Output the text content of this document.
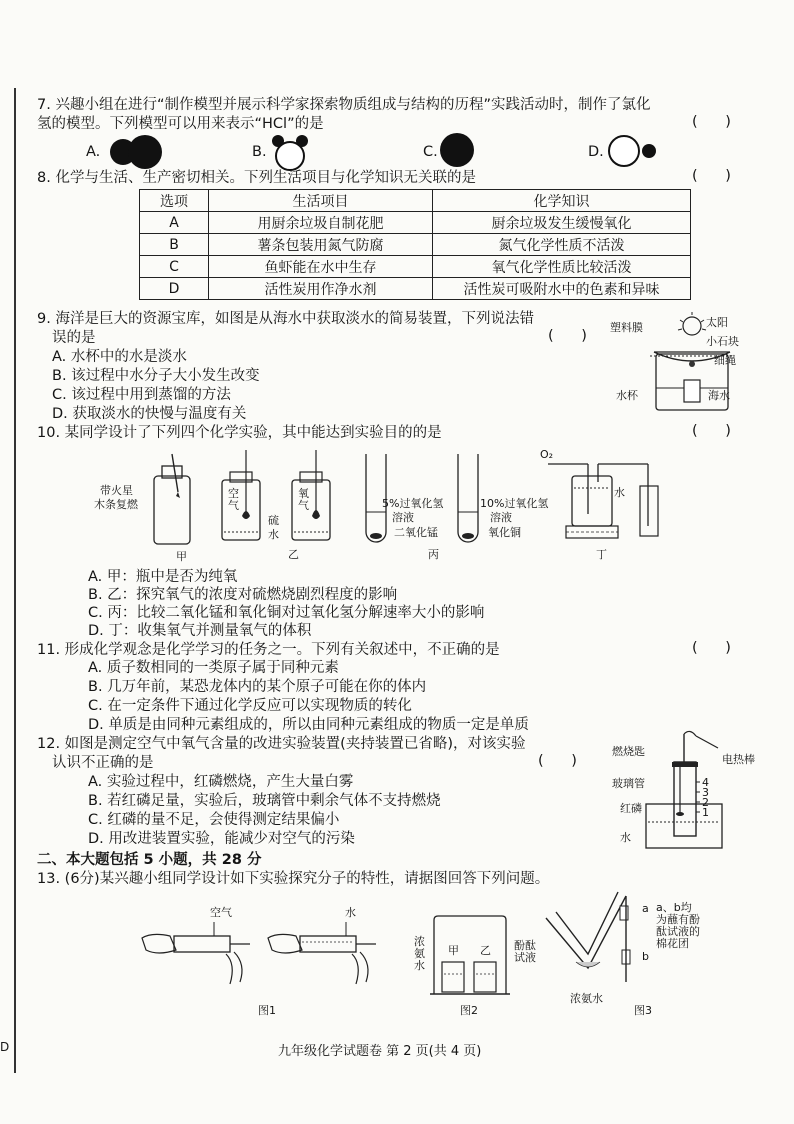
7. 兴趣小组在进行“制作模型并展示科学家探索物质组成与结构的历程”实践活动时，制作了氯化
氢的模型。下列模型可以用来表示“HCl”的是	(      )
A.	B.	C.	D.
8. 化学与生活、生产密切相关。下列生活项目与化学知识无关联的是	(      )
选项	生活项目	化学知识
A	用厨余垃圾自制花肥	厨余垃圾发生缓慢氧化
B	薯条包装用氮气防腐	氮气化学性质不活泼
C	鱼虾能在水中生存	氧气化学性质比较活泼
D	活性炭用作净水剂	活性炭可吸附水中的色素和异味
9. 海洋是巨大的资源宝库，如图是从海水中获取淡水的简易装置，下列说法错
误的是	(      )
A. 水杯中的水是淡水
B. 该过程中水分子大小发生改变
C. 该过程中用到蒸馏的方法
D. 获取淡水的快慢与温度有关
塑料膜	太阳
小石块
细绳
水杯	海水
10. 某同学设计了下列四个化学实验，其中能达到实验目的的是	(      )
带火星
木条复燃
甲
空气
氧气
硫
水
乙
5%过氧化氢
溶液
二氧化锰
10%过氧化氢
溶液
氧化铜
丙
O₂
水
丁
A. 甲：瓶中是否为纯氧
B. 乙：探究氧气的浓度对硫燃烧剧烈程度的影响
C. 丙：比较二氧化锰和氧化铜对过氧化氢分解速率大小的影响
D. 丁：收集氧气并测量氧气的体积
11. 形成化学观念是化学学习的任务之一。下列有关叙述中，不正确的是	(      )
A. 质子数相同的一类原子属于同种元素
B. 几万年前，某恐龙体内的某个原子可能在你的体内
C. 在一定条件下通过化学反应可以实现物质的转化
D. 单质是由同种元素组成的，所以由同种元素组成的物质一定是单质
12. 如图是测定空气中氧气含量的改进实验装置(夹持装置已省略)，对该实验
认识不正确的是	(      )
A. 实验过程中，红磷燃烧，产生大量白雾
B. 若红磷足量，实验后，玻璃管中剩余气体不支持燃烧
C. 红磷的量不足，会使得测定结果偏小
D. 用改进装置实验，能减少对空气的污染
燃烧匙
电热棒
玻璃管
红磷
水
4
3
2
1
二、本大题包括 5 小题，共 28 分
13. (6分)某兴趣小组同学设计如下实验探究分子的特性，请据图回答下列问题。
空气	水
浓氨水
甲 乙 酚酞试液
a
b
a、b均为蘸有酚酞试液的棉花团
浓氨水
图1	图2	图3
九年级化学试题卷 第 2 页(共 4 页)
D
